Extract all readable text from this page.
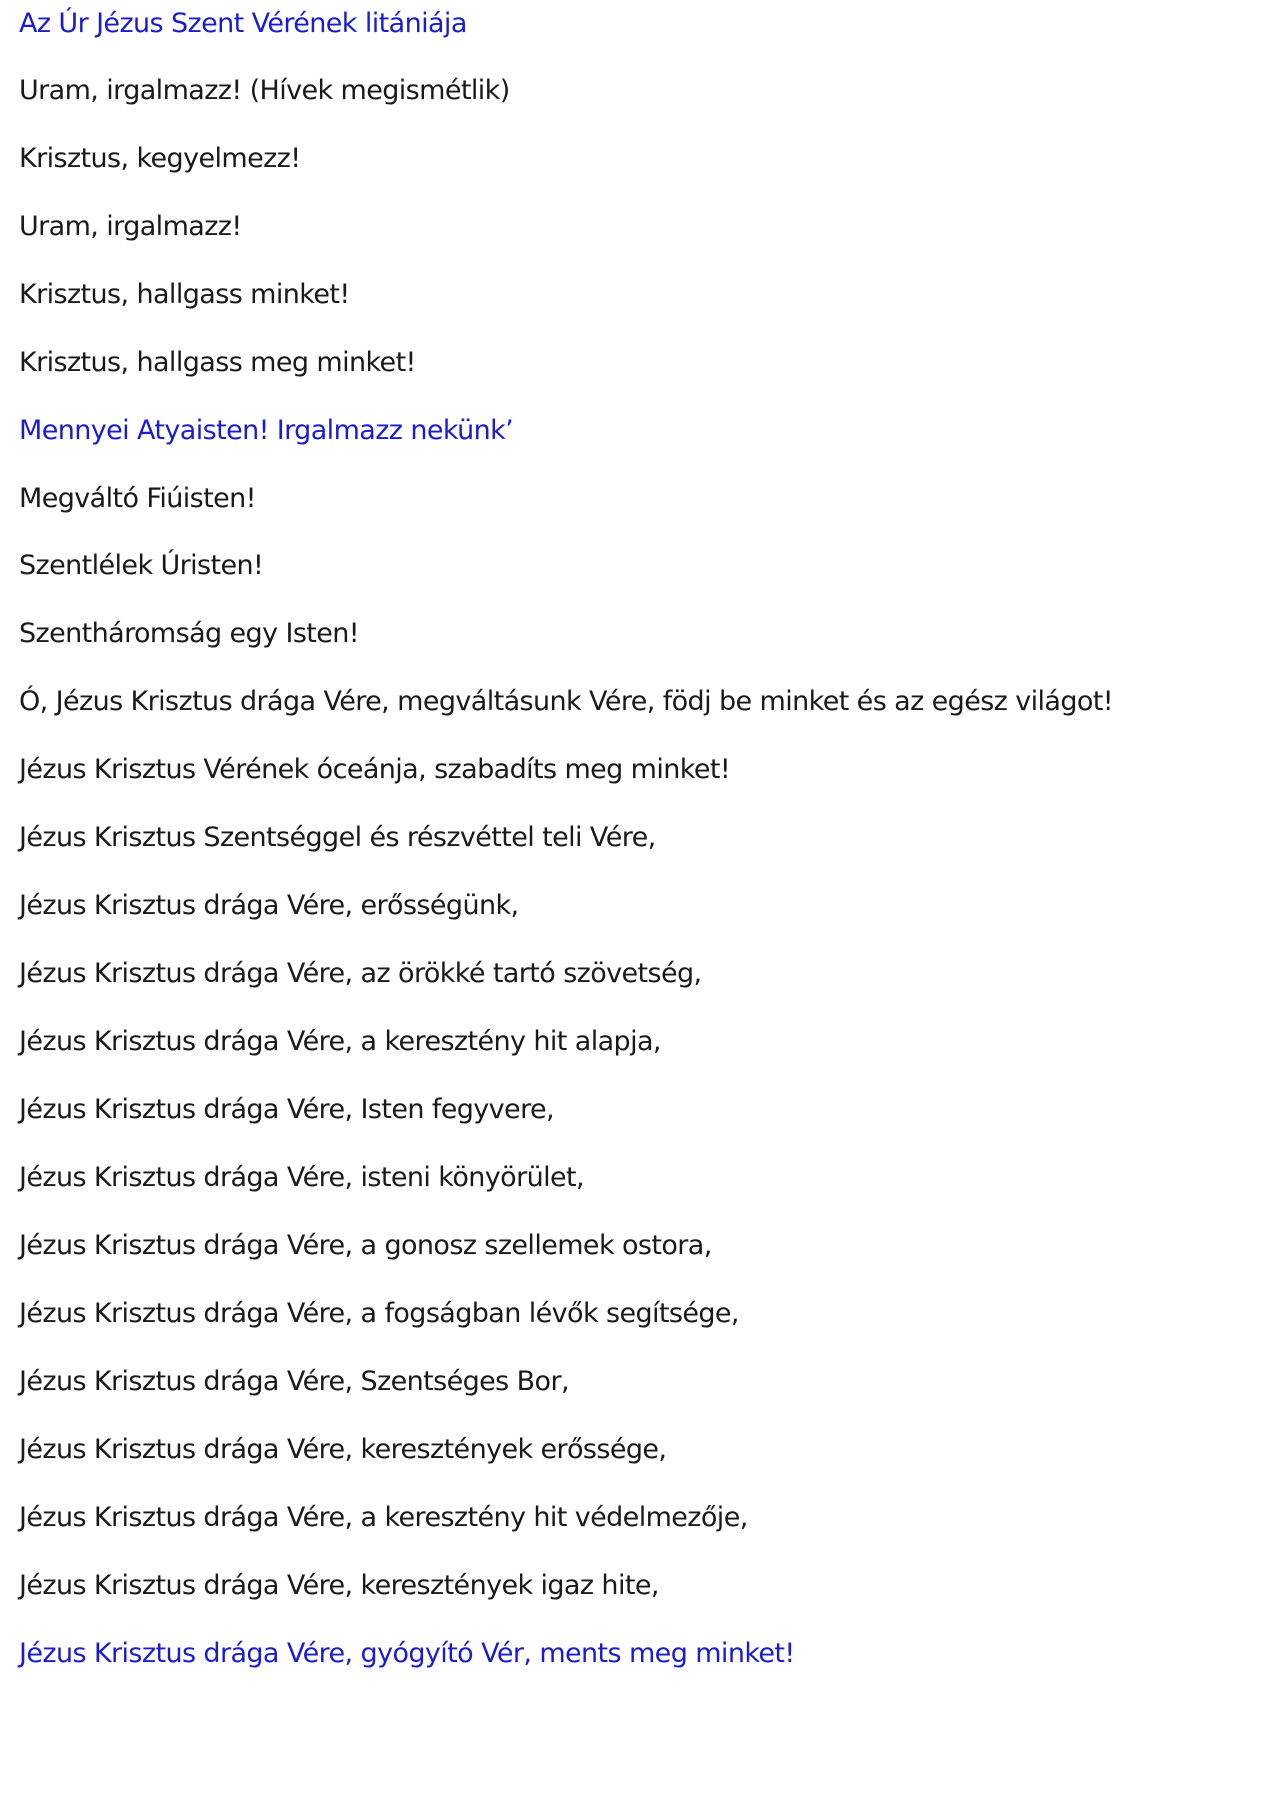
Az Úr Jézus Szent Vérének litániája
Uram, irgalmazz! (Hívek megismétlik)
Krisztus, kegyelmezz!
Uram, irgalmazz!
Krisztus, hallgass minket!
Krisztus, hallgass meg minket!
Mennyei Atyaisten! Irgalmazz nekünk’
Megváltó Fiúisten!
Szentlélek Úristen!
Szentháromság egy Isten!
Ó, Jézus Krisztus drága Vére, megváltásunk Vére, födj be minket és az egész világot!
Jézus Krisztus Vérének óceánja, szabadíts meg minket!
Jézus Krisztus Szentséggel és részvéttel teli Vére,
Jézus Krisztus drága Vére, erősségünk,
Jézus Krisztus drága Vére, az örökké tartó szövetség,
Jézus Krisztus drága Vére, a keresztény hit alapja,
Jézus Krisztus drága Vére, Isten fegyvere,
Jézus Krisztus drága Vére, isteni könyörület,
Jézus Krisztus drága Vére, a gonosz szellemek ostora,
Jézus Krisztus drága Vére, a fogságban lévők segítsége,
Jézus Krisztus drága Vére, Szentséges Bor,
Jézus Krisztus drága Vére, keresztények erőssége,
Jézus Krisztus drága Vére, a keresztény hit védelmezője,
Jézus Krisztus drága Vére, keresztények igaz hite,
Jézus Krisztus drága Vére, gyógyító Vér, ments meg minket!
